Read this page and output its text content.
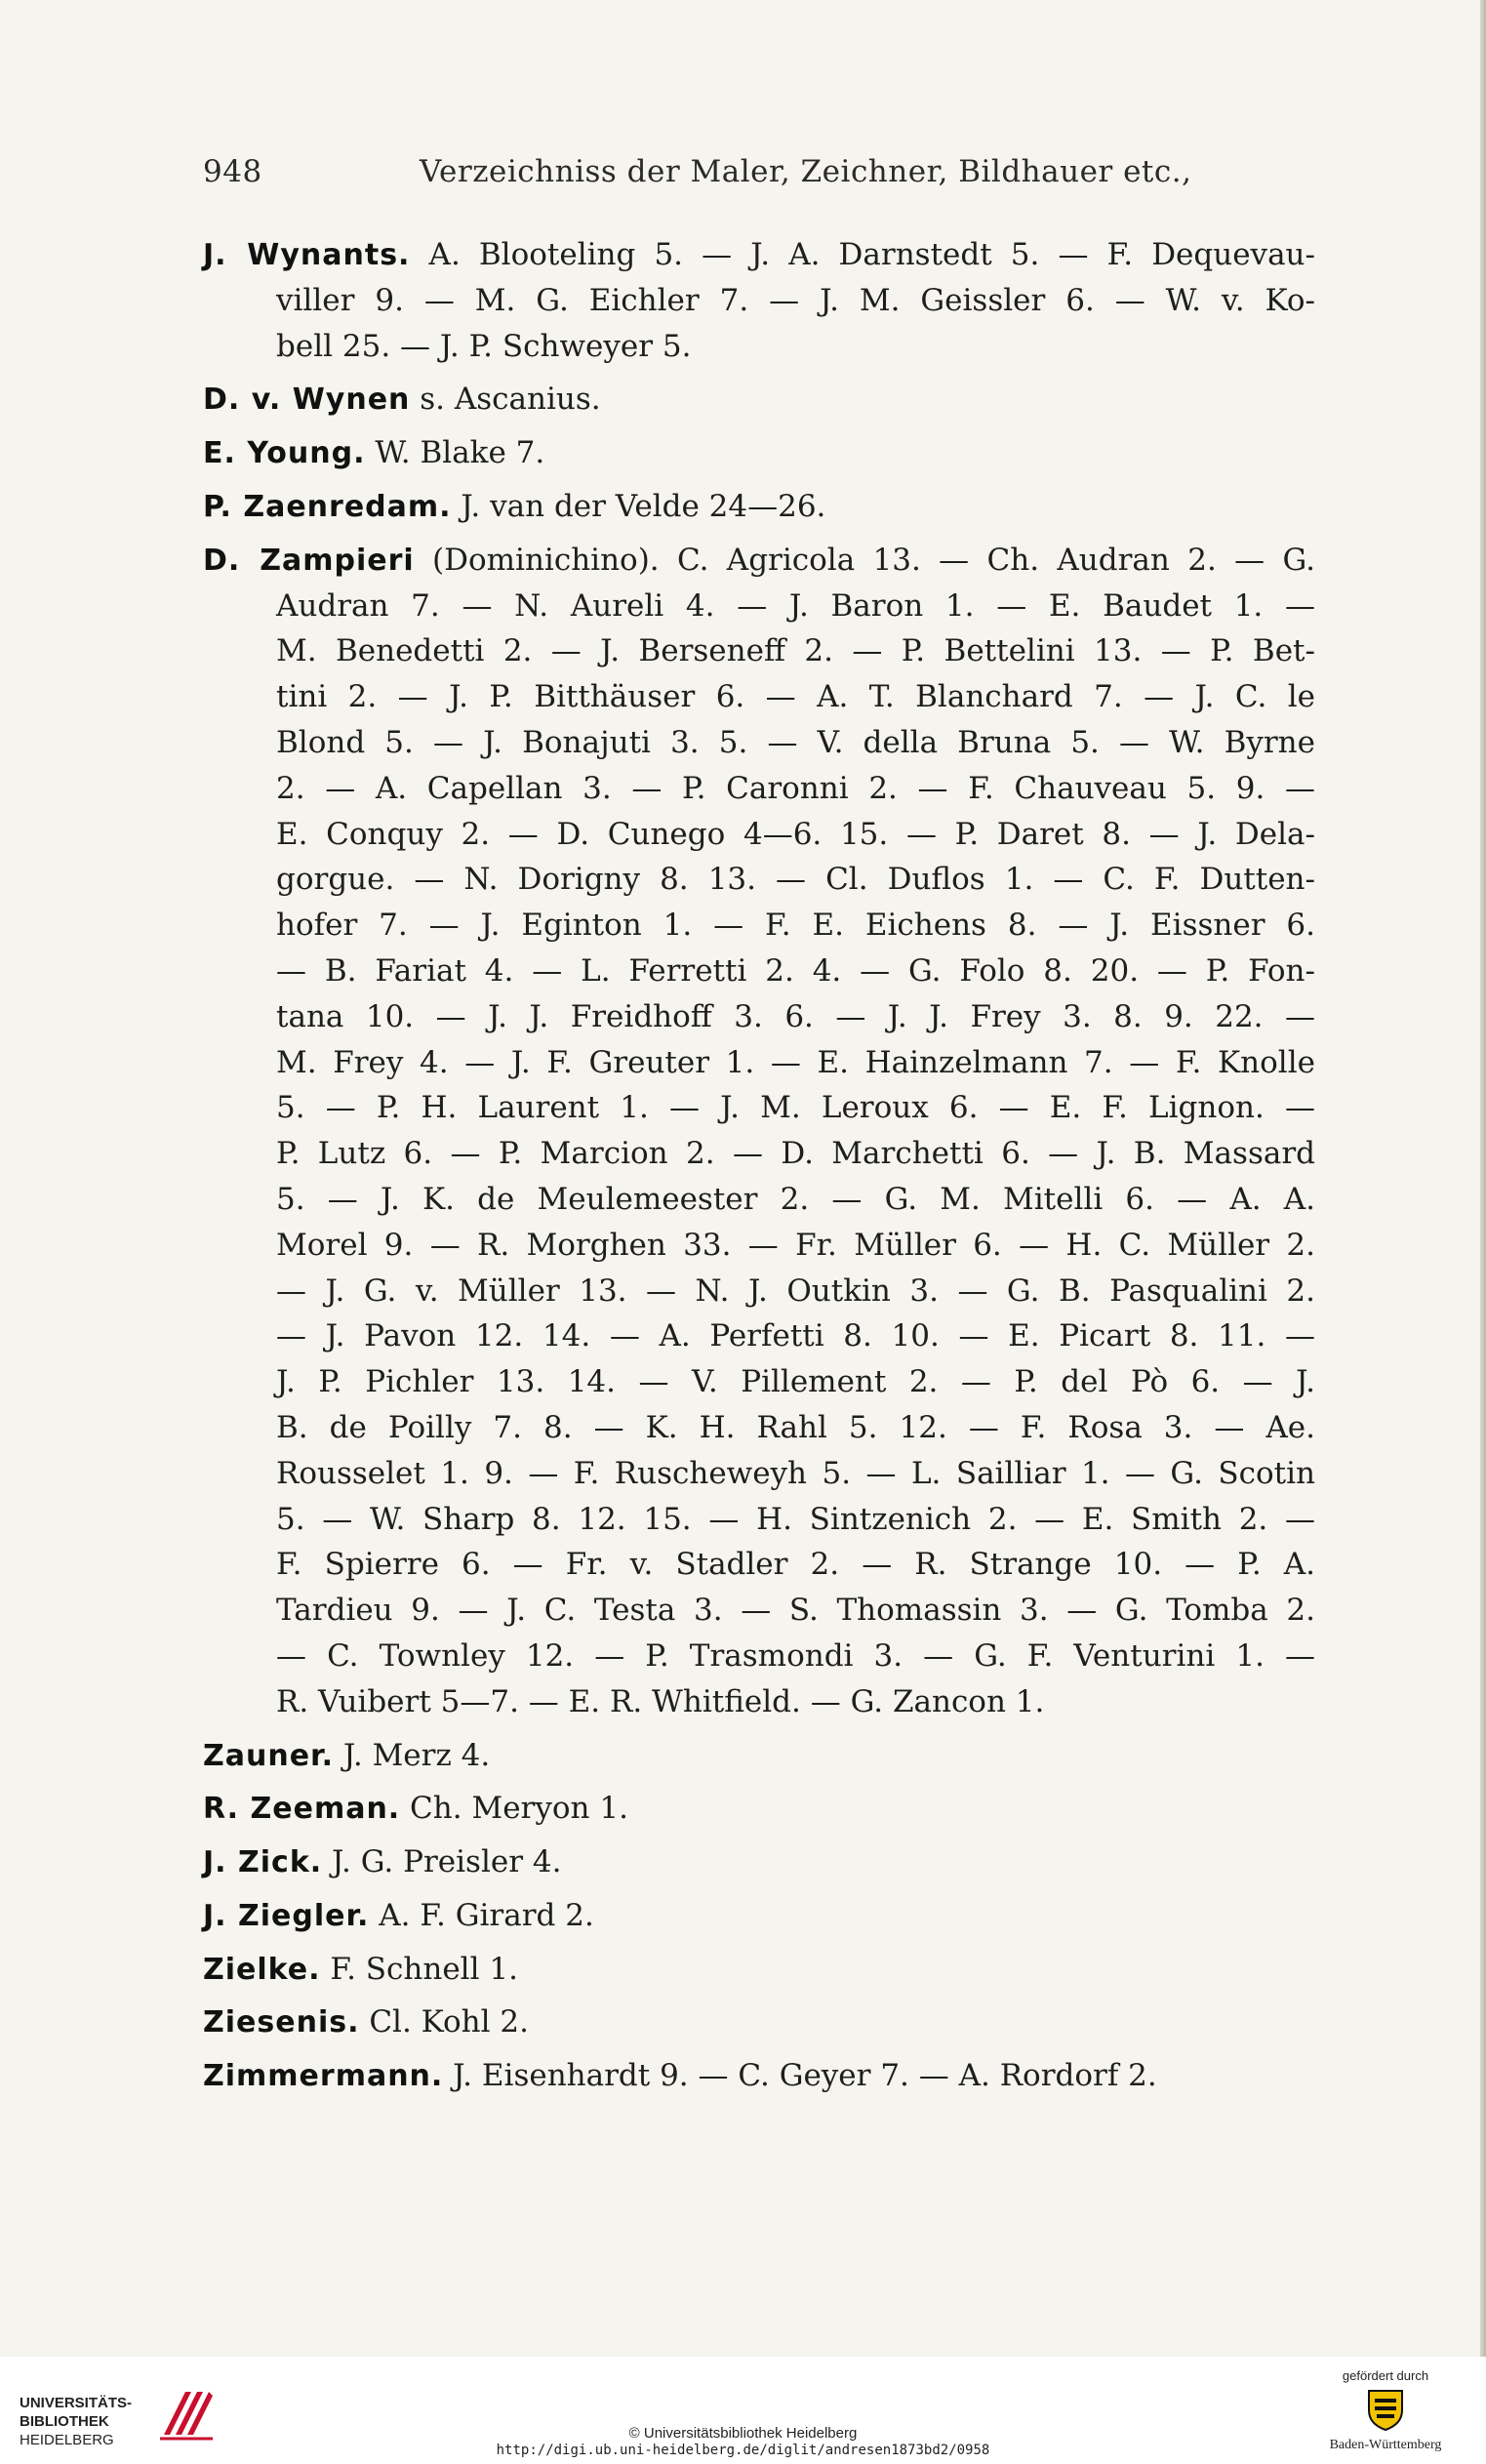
948	Verzeichniss der Maler, Zeichner, Bildhauer etc.,
J. Wynants. A. Blooteling 5. — J. A. Darnstedt 5. — F. Dequevau-
viller 9. — M. G. Eichler 7. — J. M. Geissler 6. — W. v. Ko-
bell 25. — J. P. Schweyer 5.
D. v. Wynen s. Ascanius.
E. Young. W. Blake 7.
P. Zaenredam. J. van der Velde 24—26.
D. Zampieri (Dominichino). C. Agricola 13. — Ch. Audran 2. — G.
Audran 7. — N. Aureli 4. — J. Baron 1. — E. Baudet 1. —
M. Benedetti 2. — J. Berseneff 2. — P. Bettelini 13. — P. Bet-
tini 2. — J. P. Bitthäuser 6. — A. T. Blanchard 7. — J. C. le
Blond 5. — J. Bonajuti 3. 5. — V. della Bruna 5. — W. Byrne
2. — A. Capellan 3. — P. Caronni 2. — F. Chauveau 5. 9. —
E. Conquy 2. — D. Cunego 4—6. 15. — P. Daret 8. — J. Dela-
gorgue. — N. Dorigny 8. 13. — Cl. Duflos 1. — C. F. Dutten-
hofer 7. — J. Eginton 1. — F. E. Eichens 8. — J. Eissner 6.
— B. Fariat 4. — L. Ferretti 2. 4. — G. Folo 8. 20. — P. Fon-
tana 10. — J. J. Freidhoff 3. 6. — J. J. Frey 3. 8. 9. 22. —
M. Frey 4. — J. F. Greuter 1. — E. Hainzelmann 7. — F. Knolle
5. — P. H. Laurent 1. — J. M. Leroux 6. — E. F. Lignon. —
P. Lutz 6. — P. Marcion 2. — D. Marchetti 6. — J. B. Massard
5. — J. K. de Meulemeester 2. — G. M. Mitelli 6. — A. A.
Morel 9. — R. Morghen 33. — Fr. Müller 6. — H. C. Müller 2.
— J. G. v. Müller 13. — N. J. Outkin 3. — G. B. Pasqualini 2.
— J. Pavon 12. 14. — A. Perfetti 8. 10. — E. Picart 8. 11. —
J. P. Pichler 13. 14. — V. Pillement 2. — P. del Pò 6. — J.
B. de Poilly 7. 8. — K. H. Rahl 5. 12. — F. Rosa 3. — Ae.
Rousselet 1. 9. — F. Ruscheweyh 5. — L. Sailliar 1. — G. Scotin
5. — W. Sharp 8. 12. 15. — H. Sintzenich 2. — E. Smith 2. —
F. Spierre 6. — Fr. v. Stadler 2. — R. Strange 10. — P. A.
Tardieu 9. — J. C. Testa 3. — S. Thomassin 3. — G. Tomba 2.
— C. Townley 12. — P. Trasmondi 3. — G. F. Venturini 1. —
R. Vuibert 5—7. — E. R. Whitfield. — G. Zancon 1.
Zauner. J. Merz 4.
R. Zeeman. Ch. Meryon 1.
J. Zick. J. G. Preisler 4.
J. Ziegler. A. F. Girard 2.
Zielke. F. Schnell 1.
Ziesenis. Cl. Kohl 2.
Zimmermann. J. Eisenhardt 9. — C. Geyer 7. — A. Rordorf 2.
UNIVERSITÄTS-
BIBLIOTHEK
HEIDELBERG	© Universitätsbibliothek Heidelberg
http://digi.ub.uni-heidelberg.de/diglit/andresen1873bd2/0958
gefördert durch
Baden-Württemberg
